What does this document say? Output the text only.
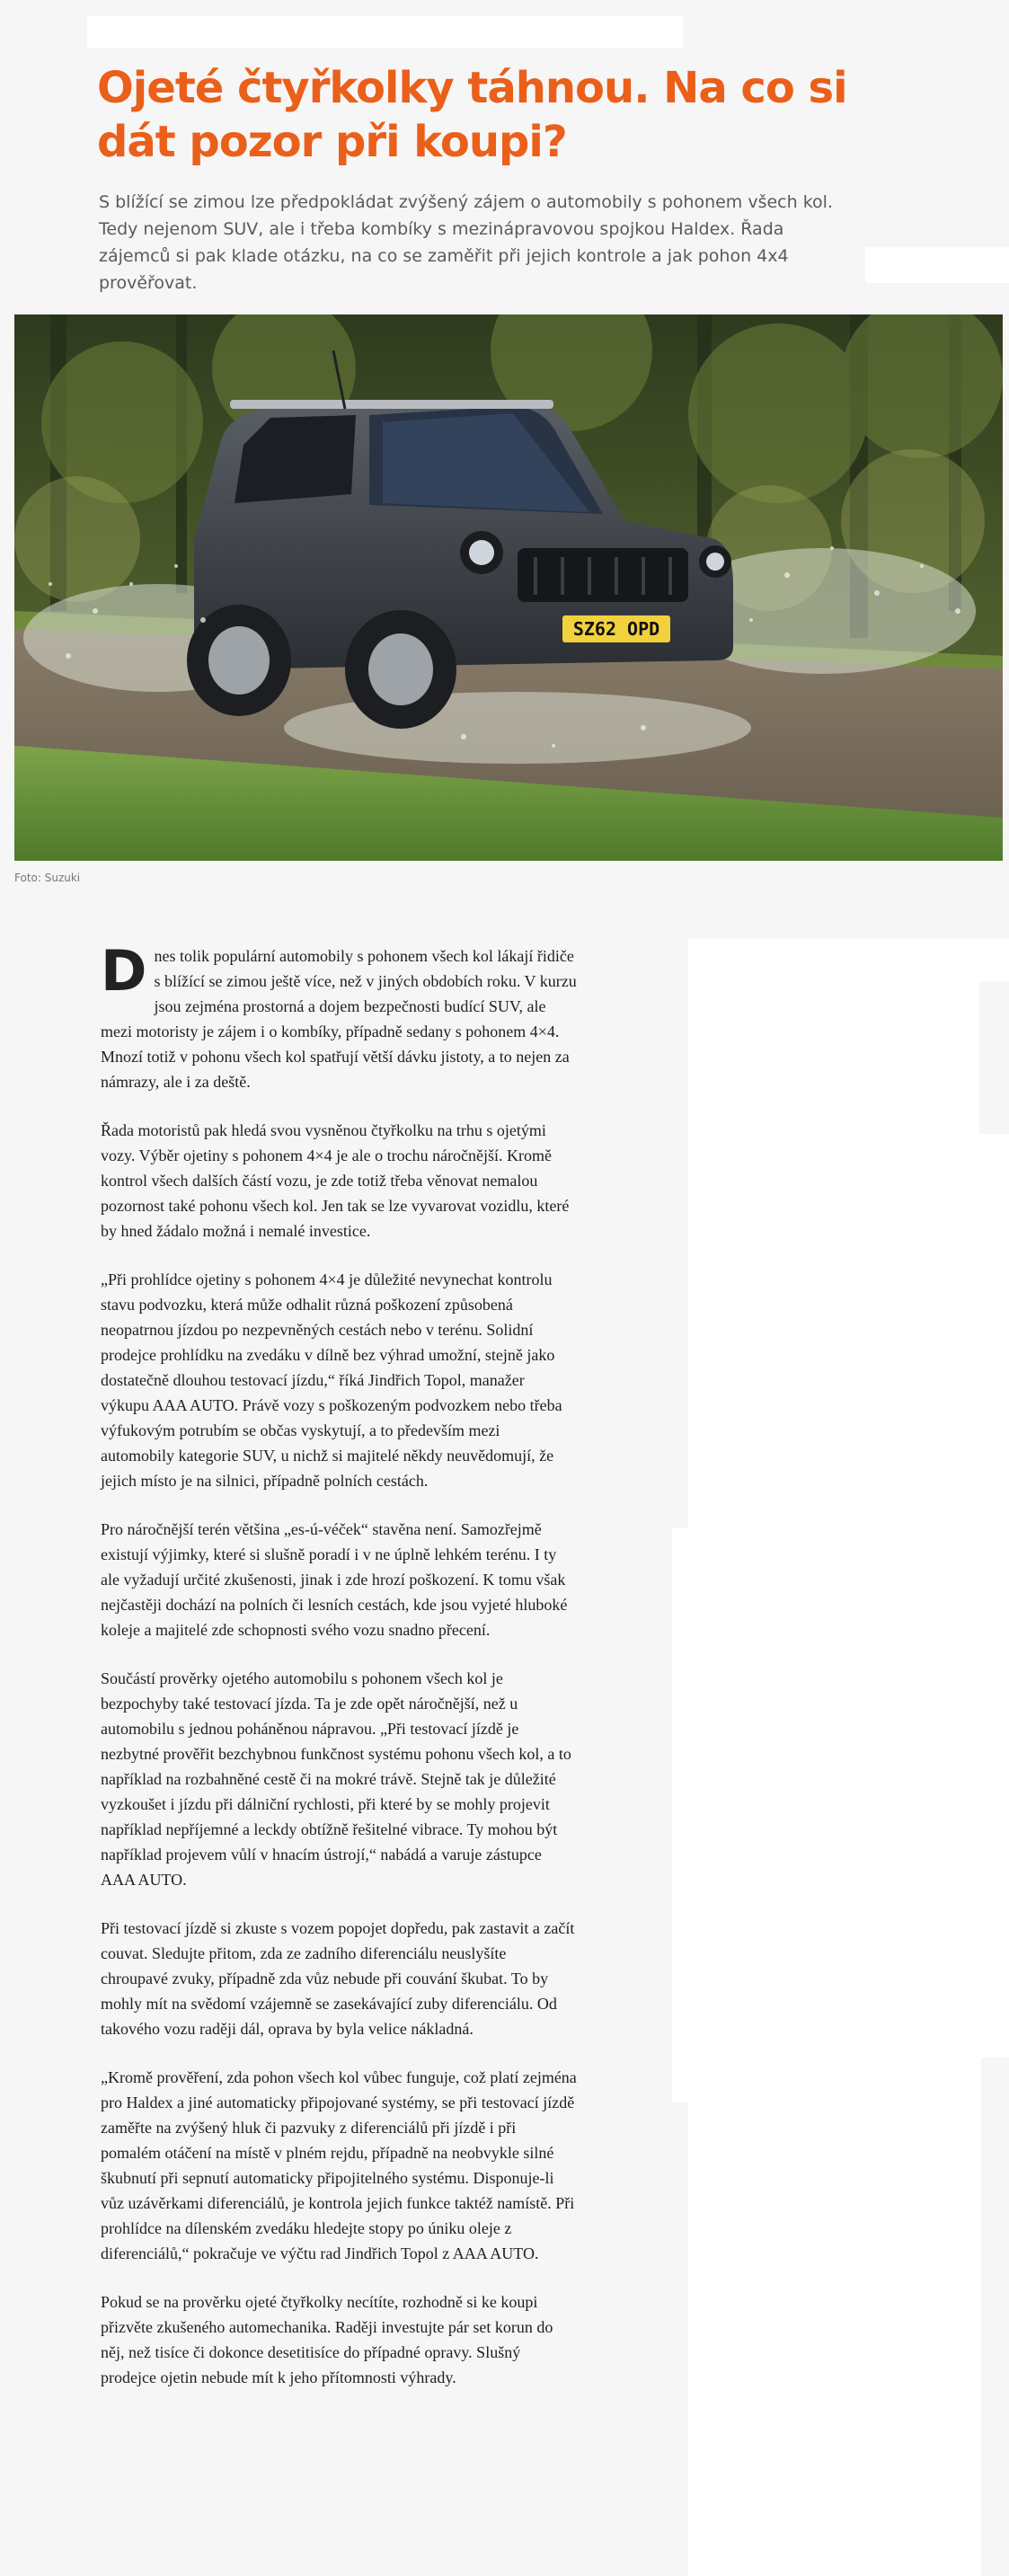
Ojeté čtyřkolky táhnou. Na co si dát pozor při koupi?

S blížící se zimou lze předpokládat zvýšený zájem o automobily s pohonem všech kol. Tedy nejenom SUV, ale i třeba kombíky s mezinápravovou spojkou Haldex. Řada zájemců si pak klade otázku, na co se zaměřit při jejich kontrole a jak pohon 4x4 prověřovat.

SZ62 OPD
Foto: Suzuki

Dnes tolik populární automobily s pohonem všech kol lákají řidiče s blížící se zimou ještě více, než v jiných obdobích roku. V kurzu jsou zejména prostorná a dojem bezpečnosti budící SUV, ale mezi motoristy je zájem i o kombíky, případně sedany s pohonem 4×4. Mnozí totiž v pohonu všech kol spatřují větší dávku jistoty, a to nejen za námrazy, ale i za deště.

Řada motoristů pak hledá svou vysněnou čtyřkolku na trhu s ojetými vozy. Výběr ojetiny s pohonem 4×4 je ale o trochu náročnější. Kromě kontrol všech dalších částí vozu, je zde totiž třeba věnovat nemalou pozornost také pohonu všech kol. Jen tak se lze vyvarovat vozidlu, které by hned žádalo možná i nemalé investice.

„Při prohlídce ojetiny s pohonem 4×4 je důležité nevynechat kontrolu stavu podvozku, která může odhalit různá poškození způsobená neopatrnou jízdou po nezpevněných cestách nebo v terénu. Solidní prodejce prohlídku na zvedáku v dílně bez výhrad umožní, stejně jako dostatečně dlouhou testovací jízdu,“ říká Jindřich Topol, manažer výkupu AAA AUTO. Právě vozy s poškozeným podvozkem nebo třeba výfukovým potrubím se občas vyskytují, a to především mezi automobily kategorie SUV, u nichž si majitelé někdy neuvědomují, že jejich místo je na silnici, případně polních cestách.

Pro náročnější terén většina „es-ú-véček“ stavěna není. Samozřejmě existují výjimky, které si slušně poradí i v ne úplně lehkém terénu. I ty ale vyžadují určité zkušenosti, jinak i zde hrozí poškození. K tomu však nejčastěji dochází na polních či lesních cestách, kde jsou vyjeté hluboké koleje a majitelé zde schopnosti svého vozu snadno přecení.

Součástí prověrky ojetého automobilu s pohonem všech kol je bezpochyby také testovací jízda. Ta je zde opět náročnější, než u automobilu s jednou poháněnou nápravou. „Při testovací jízdě je nezbytné prověřit bezchybnou funkčnost systému pohonu všech kol, a to například na rozbahněné cestě či na mokré trávě. Stejně tak je důležité vyzkoušet i jízdu při dálniční rychlosti, při které by se mohly projevit například nepříjemné a leckdy obtížně řešitelné vibrace. Ty mohou být například projevem vůlí v hnacím ústrojí,“ nabádá a varuje zástupce AAA AUTO.

Při testovací jízdě si zkuste s vozem popojet dopředu, pak zastavit a začít couvat. Sledujte přitom, zda ze zadního diferenciálu neuslyšíte chroupavé zvuky, případně zda vůz nebude při couvání škubat. To by mohly mít na svědomí vzájemně se zasekávající zuby diferenciálu. Od takového vozu raději dál, oprava by byla velice nákladná.

„Kromě prověření, zda pohon všech kol vůbec funguje, což platí zejména pro Haldex a jiné automaticky připojované systémy, se při testovací jízdě zaměřte na zvýšený hluk či pazvuky z diferenciálů při jízdě i při pomalém otáčení na místě v plném rejdu, případně na neobvykle silné škubnutí při sepnutí automaticky připojitelného systému. Disponuje-li vůz uzávěrkami diferenciálů, je kontrola jejich funkce taktéž namístě. Při prohlídce na dílenském zvedáku hledejte stopy po úniku oleje z diferenciálů,“ pokračuje ve výčtu rad Jindřich Topol z AAA AUTO.

Pokud se na prověrku ojeté čtyřkolky necítíte, rozhodně si ke koupi přizvěte zkušeného automechanika. Raději investujte pár set korun do něj, než tisíce či dokonce desetitisíce do případné opravy. Slušný prodejce ojetin nebude mít k jeho přítomnosti výhrady.
